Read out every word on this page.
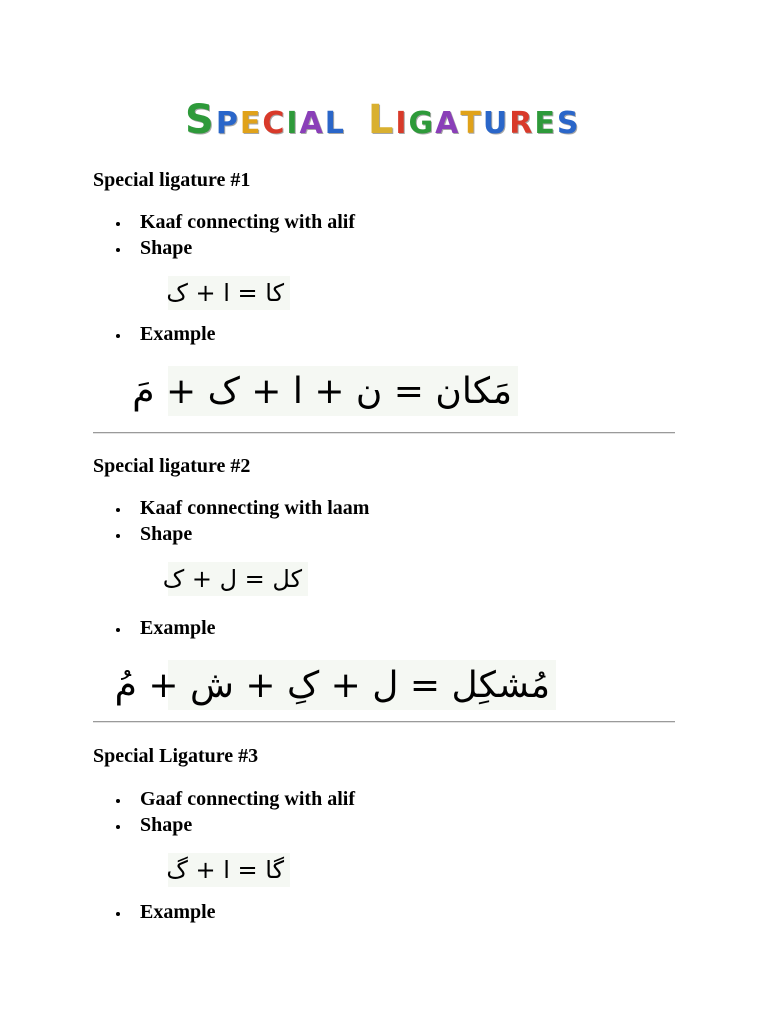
S P E C I A L L I G A T U R E S
Special ligature #1
Kaaf connecting with alif
Shape
کا = ا + ک
Example
مَکان = ن + ا + ک + مَ
Special ligature #2
Kaaf connecting with laam
Shape
کل = ل + ک
Example
مُشکِل = ل + کِ + ش + مُ
Special Ligature #3
Gaaf connecting with alif
Shape
گا = ا + گ
Example
